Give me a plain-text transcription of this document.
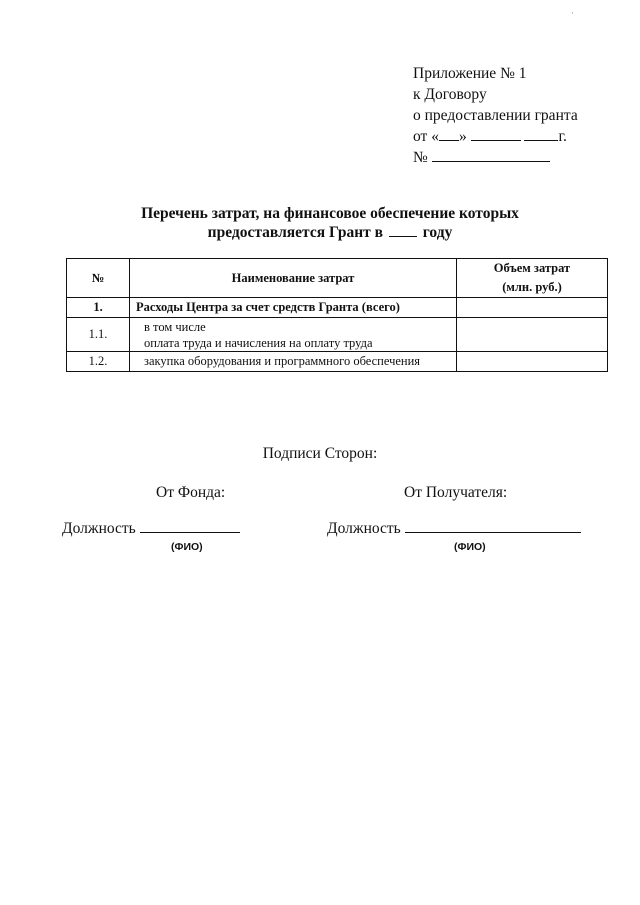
·
Приложение № 1
к Договору
о предоставлении гранта
от « »	г.
№
Перечень затрат, на финансовое обеспечение которых
предоставляется Грант в	году
№	Наименование затрат	Объем затрат
(млн. руб.)

1.	Расходы Центра за счет средств Гранта (всего)	
1.1.	в том числе
оплата труда и начисления на оплату труда	

1.2.	закупка оборудования и программного обеспечения	
Подписи Сторон:
От Фонда:	От Получателя:
Должность	Должность
(ФИО)	(ФИО)
